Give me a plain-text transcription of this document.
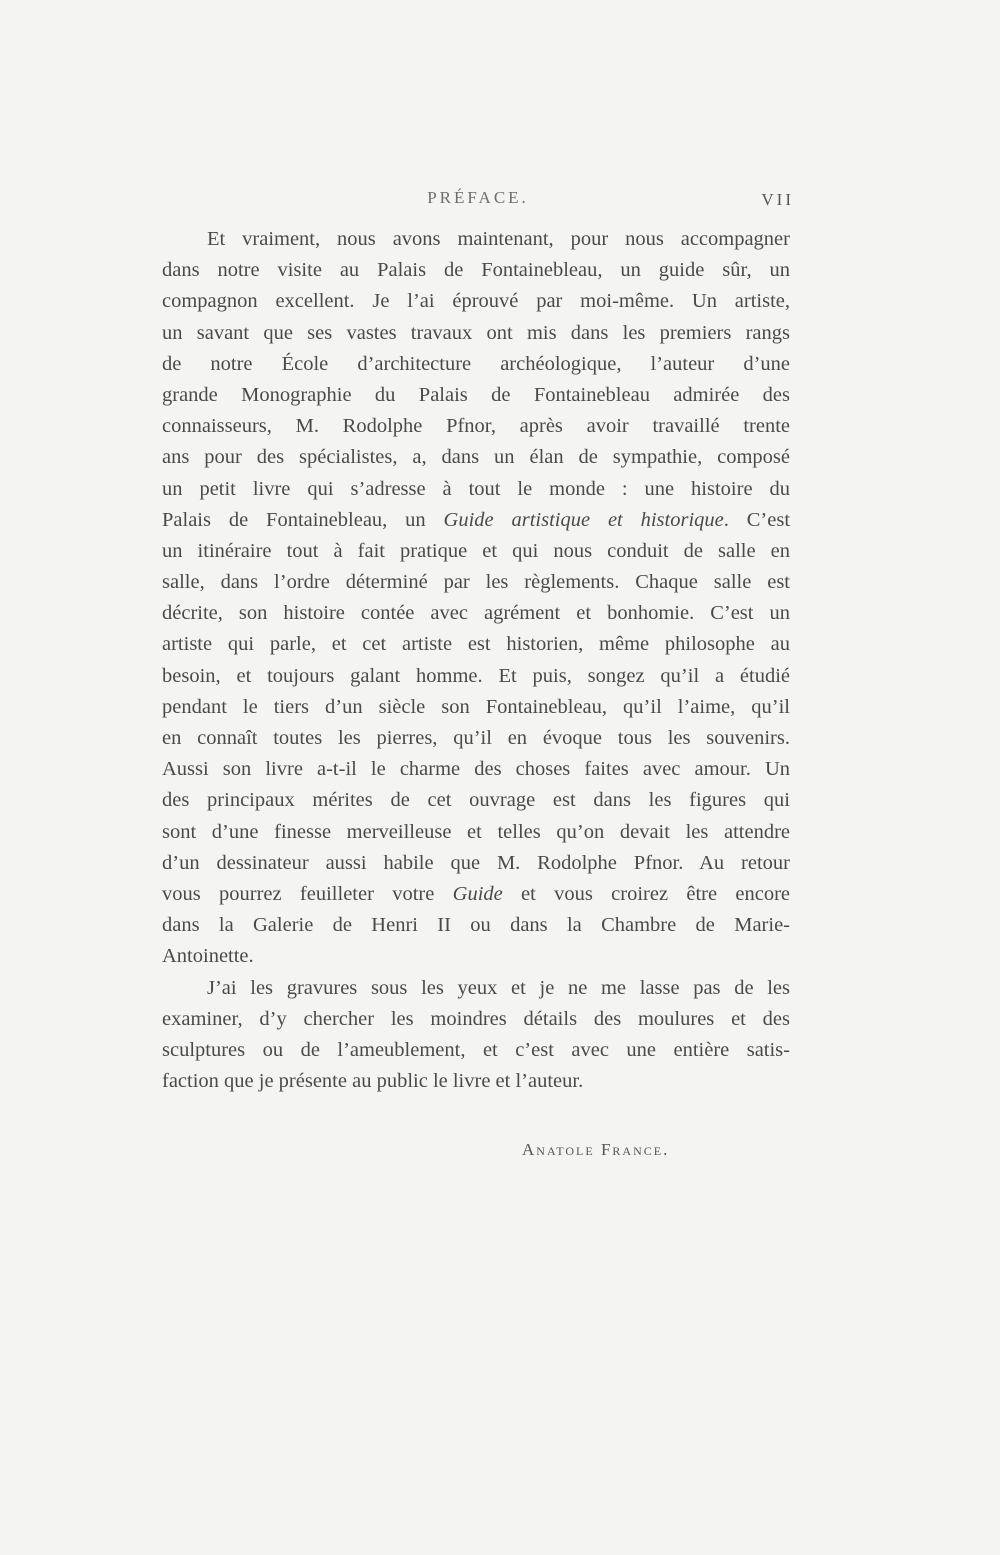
PRÉFACE.	VII
Et vraiment, nous avons maintenant, pour nous accompagner
dans notre visite au Palais de Fontainebleau, un guide sûr, un
compagnon excellent. Je l’ai éprouvé par moi-même. Un artiste,
un savant que ses vastes travaux ont mis dans les premiers rangs
de notre École d’architecture archéologique, l’auteur d’une
grande Monographie du Palais de Fontainebleau admirée des
connaisseurs, M. Rodolphe Pfnor, après avoir travaillé trente
ans pour des spécialistes, a, dans un élan de sympathie, composé
un petit livre qui s’adresse à tout le monde : une histoire du
Palais de Fontainebleau, un Guide artistique et historique. C’est
un itinéraire tout à fait pratique et qui nous conduit de salle en
salle, dans l’ordre déterminé par les règlements. Chaque salle est
décrite, son histoire contée avec agrément et bonhomie. C’est un
artiste qui parle, et cet artiste est historien, même philosophe au
besoin, et toujours galant homme. Et puis, songez qu’il a étudié
pendant le tiers d’un siècle son Fontainebleau, qu’il l’aime, qu’il
en connaît toutes les pierres, qu’il en évoque tous les souvenirs.
Aussi son livre a-t-il le charme des choses faites avec amour. Un
des principaux mérites de cet ouvrage est dans les figures qui
sont d’une finesse merveilleuse et telles qu’on devait les attendre
d’un dessinateur aussi habile que M. Rodolphe Pfnor. Au retour
vous pourrez feuilleter votre Guide et vous croirez être encore
dans la Galerie de Henri II ou dans la Chambre de Marie-
Antoinette.
J’ai les gravures sous les yeux et je ne me lasse pas de les
examiner, d’y chercher les moindres détails des moulures et des
sculptures ou de l’ameublement, et c’est avec une entière satis-
faction que je présente au public le livre et l’auteur.
Anatole France.
